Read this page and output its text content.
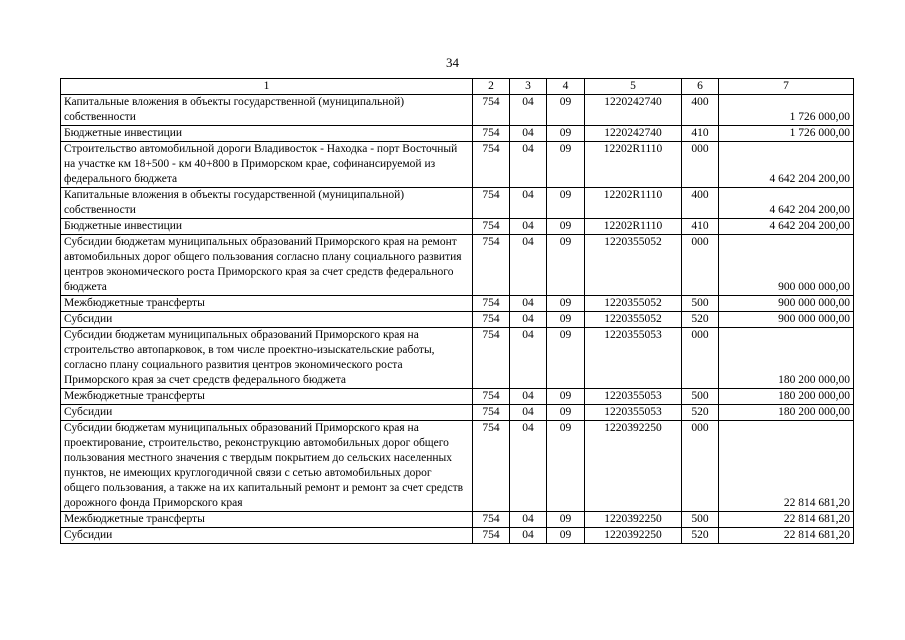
34
1	2	3	4	5	6	7
Капитальные вложения в объекты государственной (муниципальной) собственности	754	04	09	1220242740	400	1 726 000,00
Бюджетные инвестиции	754	04	09	1220242740	410	1 726 000,00
Строительство автомобильной дороги Владивосток - Находка - порт Восточный на участке км 18+500 - км 40+800 в Приморском крае, софинансируемой из федерального бюджета	754	04	09	12202R1110	000	4 642 204 200,00
Капитальные вложения в объекты государственной (муниципальной) собственности	754	04	09	12202R1110	400	4 642 204 200,00
Бюджетные инвестиции	754	04	09	12202R1110	410	4 642 204 200,00
Субсидии бюджетам муниципальных образований Приморского края на ремонт автомобильных дорог общего пользования согласно плану социального развития центров экономического роста Приморского края за счет средств федерального бюджета	754	04	09	1220355052	000	900 000 000,00
Межбюджетные трансферты	754	04	09	1220355052	500	900 000 000,00
Субсидии	754	04	09	1220355052	520	900 000 000,00
Субсидии бюджетам муниципальных образований Приморского края на строительство автопарковок, в том числе проектно-изыскательские работы, согласно плану социального развития центров экономического роста Приморского края за счет средств федерального бюджета	754	04	09	1220355053	000	180 200 000,00
Межбюджетные трансферты	754	04	09	1220355053	500	180 200 000,00
Субсидии	754	04	09	1220355053	520	180 200 000,00
Субсидии бюджетам муниципальных образований Приморского края на проектирование, строительство, реконструкцию автомобильных дорог общего пользования местного значения с твердым покрытием до сельских населенных пунктов, не имеющих круглогодичной связи с сетью автомобильных дорог общего пользования, а также на их капитальный ремонт и ремонт за счет средств дорожного фонда Приморского края	754	04	09	1220392250	000	22 814 681,20
Межбюджетные трансферты	754	04	09	1220392250	500	22 814 681,20
Субсидии	754	04	09	1220392250	520	22 814 681,20
